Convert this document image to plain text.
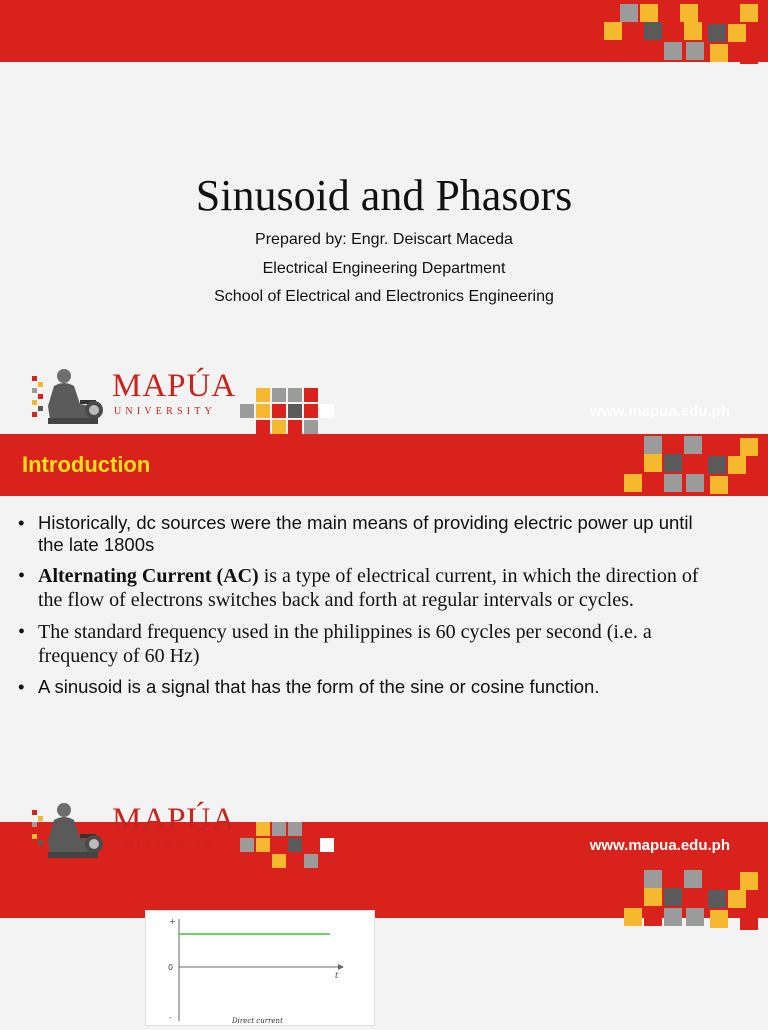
Sinusoid and Phasors
Prepared by: Engr. Deiscart Maceda
Electrical Engineering Department
School of Electrical and Electronics Engineering
MAPÚA
UNIVERSITY	www.mapua.edu.ph
Introduction
• Historically, dc sources were the main means of providing electric power up until the late 1800s
• Alternating Current (AC) is a type of electrical current, in which the direction of the flow of electrons switches back and forth at regular intervals or cycles.
• The standard frequency used in the philippines is 60 cycles per second (i.e. a frequency of 60 Hz)
• A sinusoid is a signal that has the form of the sine or cosine function.
MAPÚA
UNIVERSITY	www.mapua.edu.ph
+
0
-
t
Direct current
